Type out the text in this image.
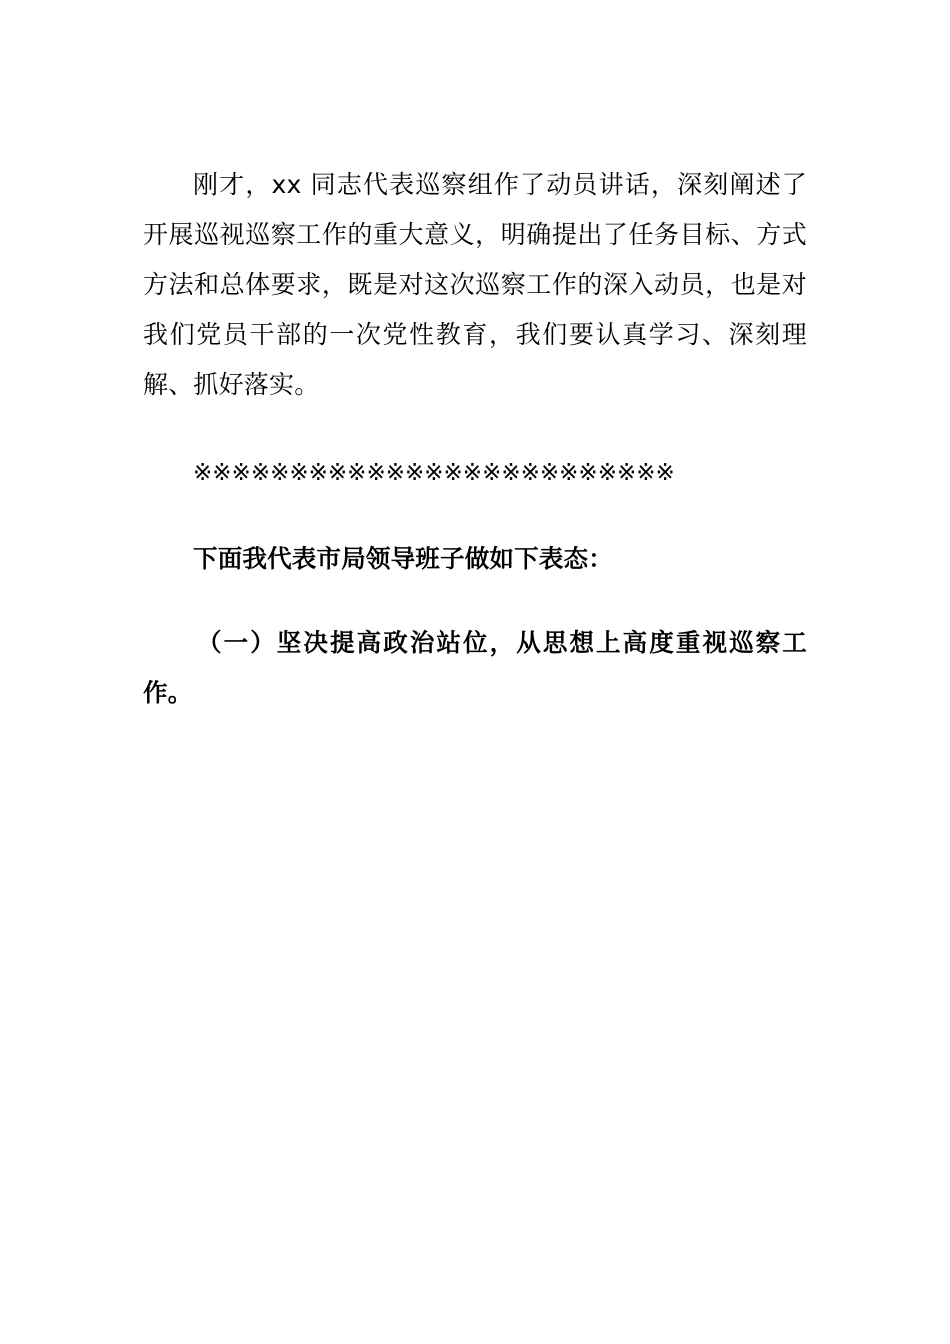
刚才，xx 同志代表巡察组作了动员讲话，深刻阐述了开展巡视巡察工作的重大意义，明确提出了任务目标、方式方法和总体要求，既是对这次巡察工作的深入动员，也是对我们党员干部的一次党性教育，我们要认真学习、深刻理解、抓好落实。

※※※※※※※※※※※※※※※※※※※※※※※※※

下面我代表市局领导班子做如下表态：

（一）坚决提高政治站位，从思想上高度重视巡察工作。
